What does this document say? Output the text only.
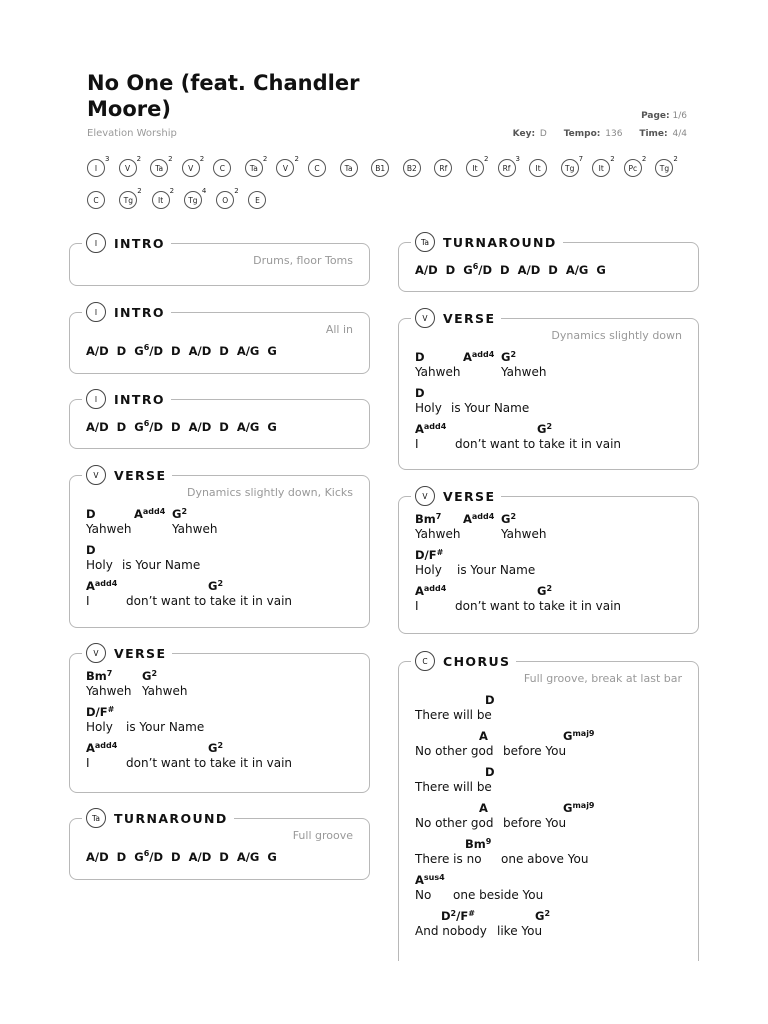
No One (feat. Chandler Moore)
Elevation Worship
Page: 1/6
Key: D Tempo: 136 Time: 4/4
I
3
V
2
Ta
2
V
2
C	Ta
2
V
2
C	Ta	B1	B2	Rf	It
2
Rf
3
It	Tg
7
It
2
Pc
2
Tg
2
C	Tg
2
It
2
Tg
4
O
2
E
I	INTRO
Drums, floor Toms
I	INTRO
All in
A/D D $G^6/D$ D A/D D A/G G
I	INTRO
A/D D $G^6/D$ D A/D D A/G G
V	VERSE
Dynamics slightly down, Kicks
D	$A^{add4}$ $G^2$
Yahweh	Yahweh
D
Holy is Your Name
$A^{add4}$	$G^2$
I	don’t want to take it in vain
V	VERSE
Bm$^7$	$G^2$
Yahweh Yahweh
D/F#
Holy is Your Name
$A^{add4}$	$G^2$
I	don’t want to take it in vain
Ta	TURNAROUND
Full groove
A/D D $G^6/D$ D A/D D A/G G
Ta	TURNAROUND
A/D D $G^6/D$ D A/D D A/G G
V	VERSE
Dynamics slightly down
D	$A^{add4}$ $G^2$
Yahweh	Yahweh
D
Holy is Your Name
$A^{add4}$	$G^2$
I	don’t want to take it in vain
V	VERSE
Bm$^7$ $A^{add4}$ $G^2$
Yahweh	Yahweh
D/F#
Holy is Your Name
$A^{add4}$	$G^2$
I	don’t want to take it in vain
C	CHORUS
Full groove, break at last bar
D
There will be
A	$G^{maj9}$
No other god before You
D
There will be
A	$G^{maj9}$
No other god before You
Bm$^9$
There is no one above You
$A^{sus4}$
No one beside You
$D^2/F^{\#}$	$G^2$
And nobody like You
